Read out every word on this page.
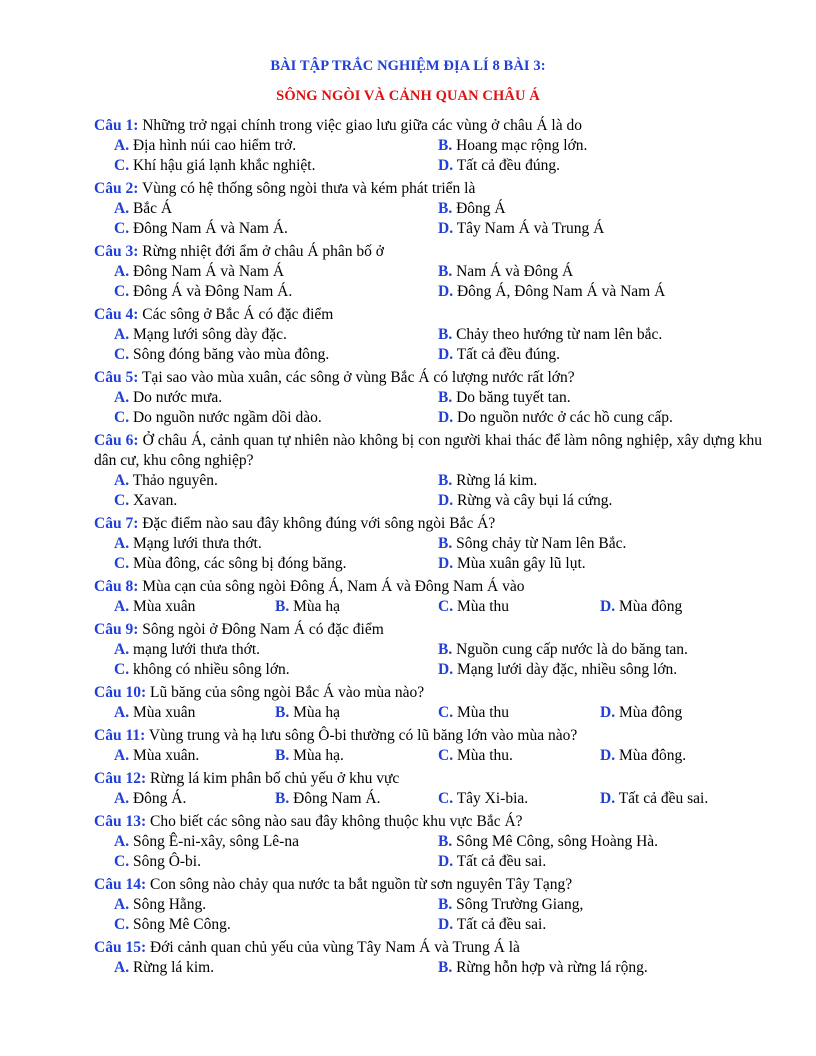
BÀI TẬP TRẮC NGHIỆM ĐỊA LÍ 8 BÀI 3:
SÔNG NGÒI VÀ CẢNH QUAN CHÂU Á
Câu 1: Những trở ngại chính trong việc giao lưu giữa các vùng ở châu Á là do
A. Địa hình núi cao hiểm trở.	B. Hoang mạc rộng lớn.
C. Khí hậu giá lạnh khắc nghiệt.	D. Tất cả đều đúng.
Câu 2: Vùng có hệ thống sông ngòi thưa và kém phát triển là
A. Bắc Á	B. Đông Á
C. Đông Nam Á và Nam Á.	D. Tây Nam Á và Trung Á
Câu 3: Rừng nhiệt đới ẩm ở châu Á phân bố ở
A. Đông Nam Á và Nam Á	B. Nam Á và Đông Á
C. Đông Á và Đông Nam Á.	D. Đông Á, Đông Nam Á và Nam Á
Câu 4: Các sông ở Bắc Á có đặc điểm
A. Mạng lưới sông dày đặc.	B. Chảy theo hướng từ nam lên bắc.
C. Sông đóng băng vào mùa đông.	D. Tất cả đều đúng.
Câu 5: Tại sao vào mùa xuân, các sông ở vùng Bắc Á có lượng nước rất lớn?
A. Do nước mưa.	B. Do băng tuyết tan.
C. Do nguồn nước ngầm dồi dào.	D. Do nguồn nước ở các hồ cung cấp.
Câu 6: Ở châu Á, cảnh quan tự nhiên nào không bị con người khai thác để làm nông nghiệp, xây dựng khu dân cư, khu công nghiệp?
A. Thảo nguyên.	B. Rừng lá kim.
C. Xavan.	D. Rừng và cây bụi lá cứng.
Câu 7: Đặc điểm nào sau đây không đúng với sông ngòi Bắc Á?
A. Mạng lưới thưa thớt.	B. Sông chảy từ Nam lên Bắc.
C. Mùa đông, các sông bị đóng băng.	D. Mùa xuân gây lũ lụt.
Câu 8: Mùa cạn của sông ngòi Đông Á, Nam Á và Đông Nam Á vào
A. Mùa xuân	B. Mùa hạ	C. Mùa thu	D. Mùa đông
Câu 9: Sông ngòi ở Đông Nam Á có đặc điểm
A. mạng lưới thưa thớt.	B. Nguồn cung cấp nước là do băng tan.
C. không có nhiều sông lớn.	D. Mạng lưới dày đặc, nhiều sông lớn.
Câu 10: Lũ băng của sông ngòi Bắc Á vào mùa nào?
A. Mùa xuân	B. Mùa hạ	C. Mùa thu	D. Mùa đông
Câu 11: Vùng trung và hạ lưu sông Ô-bi thường có lũ băng lớn vào mùa nào?
A. Mùa xuân.	B. Mùa hạ.	C. Mùa thu.	D. Mùa đông.
Câu 12: Rừng lá kim phân bố chủ yếu ở khu vực
A. Đông Á.	B. Đông Nam Á.	C. Tây Xi-bia.	D. Tất cả đều sai.
Câu 13: Cho biết các sông nào sau đây không thuộc khu vực Bắc Á?
A. Sông Ê-ni-xây, sông Lê-na	B. Sông Mê Công, sông Hoàng Hà.
C. Sông Ô-bi.	D. Tất cả đều sai.
Câu 14: Con sông nào chảy qua nước ta bắt nguồn từ sơn nguyên Tây Tạng?
A. Sông Hằng.	B. Sông Trường Giang,
C. Sông Mê Công.	D. Tất cả đều sai.
Câu 15: Đới cảnh quan chủ yếu của vùng Tây Nam Á và Trung Á là
A. Rừng lá kim.	B. Rừng hỗn hợp và rừng lá rộng.
